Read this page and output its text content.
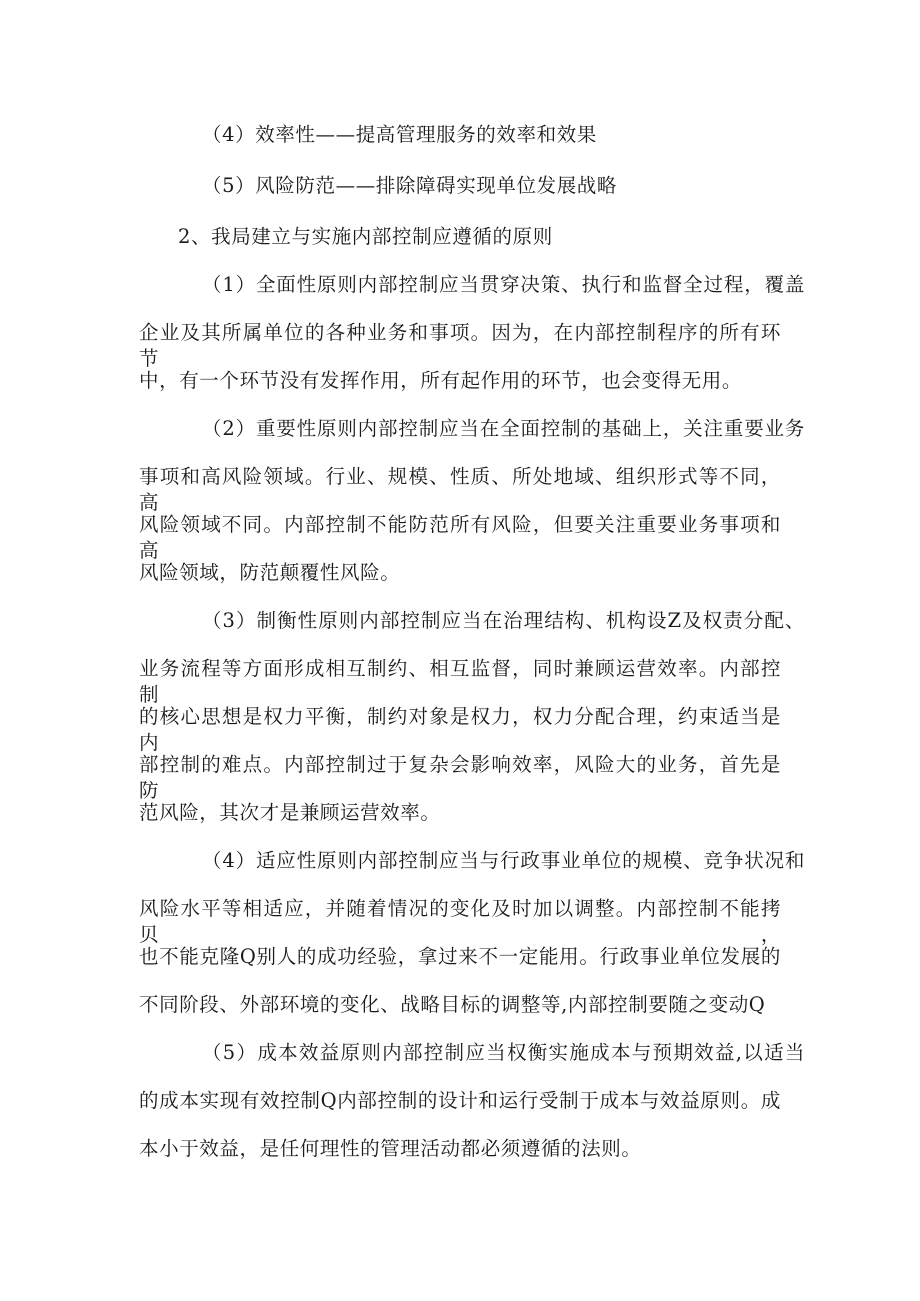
（4）效率性——提高管理服务的效率和效果
（5）风险防范——排除障碍实现单位发展战略
2、我局建立与实施内部控制应遵循的原则
（1）全面性原则内部控制应当贯穿决策、执行和监督全过程，覆盖
企业及其所属单位的各种业务和事项。因为，在内部控制程序的所有环节
中，有一个环节没有发挥作用，所有起作用的环节，也会变得无用。
（2）重要性原则内部控制应当在全面控制的基础上，关注重要业务
事项和高风险领域。行业、规模、性质、所处地域、组织形式等不同，高
风险领域不同。内部控制不能防范所有风险，但要关注重要业务事项和高
风险领域，防范颠覆性风险。
（3）制衡性原则内部控制应当在治理结构、机构设Z及权责分配、
业务流程等方面形成相互制约、相互监督，同时兼顾运营效率。内部控制
的核心思想是权力平衡，制约对象是权力，权力分配合理，约束适当是内
部控制的难点。内部控制过于复杂会影响效率，风险大的业务，首先是防
范风险，其次才是兼顾运营效率。
（4）适应性原则内部控制应当与行政事业单位的规模、竞争状况和
风险水平等相适应，并随着情况的变化及时加以调整。内部控制不能拷贝，
也不能克隆Q别人的成功经验，拿过来不一定能用。行政事业单位发展的
不同阶段、外部环境的变化、战略目标的调整等,内部控制要随之变动Q
（5）成本效益原则内部控制应当权衡实施成本与预期效益,以适当
的成本实现有效控制Q内部控制的设计和运行受制于成本与效益原则。成
本小于效益，是任何理性的管理活动都必须遵循的法则。
